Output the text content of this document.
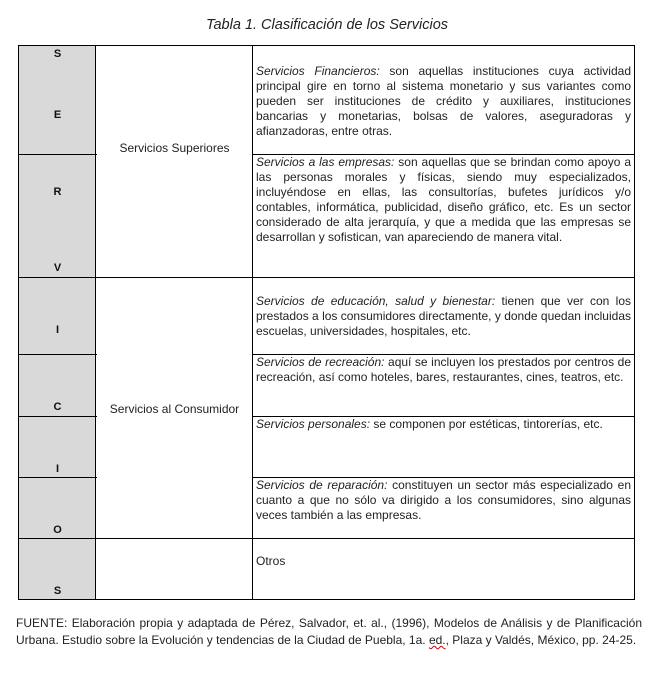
Tabla 1. Clasificación de los Servicios
S
E
R
V
I
C
I
O
S
Servicios Superiores
Servicios al Consumidor
Servicios Financieros: son aquellas instituciones cuya actividad principal gire en torno al sistema monetario y sus variantes como pueden ser instituciones de crédito y auxiliares, instituciones bancarias y monetarias, bolsas de valores, aseguradoras y afianzadoras, entre otras.
Servicios a las empresas: son aquellas que se brindan como apoyo a las personas morales y físicas, siendo muy especializados, incluyéndose en ellas, las consultorías, bufetes jurídicos y/o contables, informática, publicidad, diseño gráfico, etc. Es un sector considerado de alta jerarquía, y que a medida que las empresas se desarrollan y sofistican, van apareciendo de manera vital.
Servicios de educación, salud y bienestar: tienen que ver con los prestados a los consumidores directamente, y donde quedan incluidas escuelas, universidades, hospitales, etc.
Servicios de recreación: aquí se incluyen los prestados por centros de recreación, así como hoteles, bares, restaurantes, cines, teatros, etc.
Servicios personales: se componen por estéticas, tintorerías, etc.
Servicios de reparación: constituyen un sector más especializado en cuanto a que no sólo va dirigido a los consumidores, sino algunas veces también a las empresas.
Otros
FUENTE: Elaboración propia y adaptada de Pérez, Salvador, et. al., (1996), Modelos de Análisis y de Planificación Urbana. Estudio sobre la Evolución y tendencias de la Ciudad de Puebla, 1a. ed., Plaza y Valdés, México, pp. 24-25.
